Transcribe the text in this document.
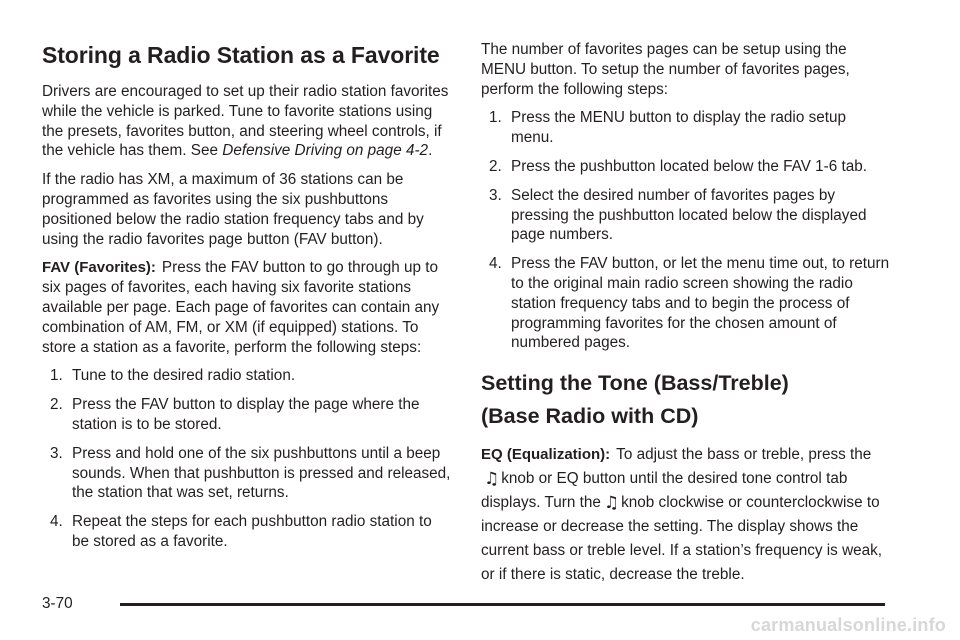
Storing a Radio Station as a Favorite

Drivers are encouraged to set up their radio station favorites while the vehicle is parked. Tune to favorite stations using the presets, favorites button, and steering wheel controls, if the vehicle has them. See Defensive Driving on page 4-2.

If the radio has XM, a maximum of 36 stations can be programmed as favorites using the six pushbuttons positioned below the radio station frequency tabs and by using the radio favorites page button (FAV button).

FAV (Favorites): Press the FAV button to go through up to six pages of favorites, each having six favorite stations available per page. Each page of favorites can contain any combination of AM, FM, or XM (if equipped) stations. To store a station as a favorite, perform the following steps:

1. Tune to the desired radio station.
2. Press the FAV button to display the page where the station is to be stored.
3. Press and hold one of the six pushbuttons until a beep sounds. When that pushbutton is pressed and released, the station that was set, returns.
4. Repeat the steps for each pushbutton radio station to be stored as a favorite.

The number of favorites pages can be setup using the MENU button. To setup the number of favorites pages, perform the following steps:

1. Press the MENU button to display the radio setup menu.
2. Press the pushbutton located below the FAV 1-6 tab.
3. Select the desired number of favorites pages by pressing the pushbutton located below the displayed page numbers.
4. Press the FAV button, or let the menu time out, to return to the original main radio screen showing the radio station frequency tabs and to begin the process of programming favorites for the chosen amount of numbered pages.
Setting the Tone (Bass/Treble)
(Base Radio with CD)

EQ (Equalization): To adjust the bass or treble, press the♫ knob or EQ button until the desired tone control tab displays. Turn the ♫ knob clockwise or counterclockwise to increase or decrease the setting. The display shows the current bass or treble level. If a station’s frequency is weak, or if there is static, decrease the treble.

3-70
carmanualsonline.info
